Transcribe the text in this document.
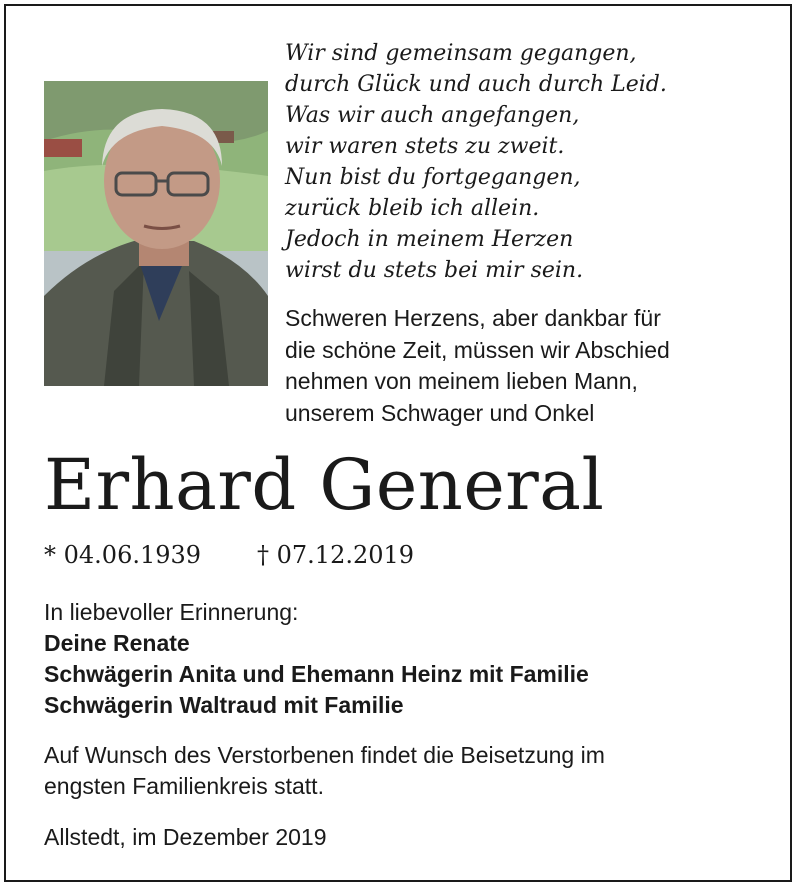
Wir sind gemeinsam gegangen,
durch Glück und auch durch Leid.
Was wir auch angefangen,
wir waren stets zu zweit.
Nun bist du fortgegangen,
zurück bleib ich allein.
Jedoch in meinem Herzen
wirst du stets bei mir sein.
Schweren Herzens, aber dankbar für
die schöne Zeit, müssen wir Abschied
nehmen von meinem lieben Mann,
unserem Schwager und Onkel
Erhard General
* 04.06.1939 † 07.12.2019
In liebevoller Erinnerung:
Deine Renate
Schwägerin Anita und Ehemann Heinz mit Familie
Schwägerin Waltraud mit Familie
Auf Wunsch des Verstorbenen findet die Beisetzung im
engsten Familienkreis statt.
Allstedt, im Dezember 2019
